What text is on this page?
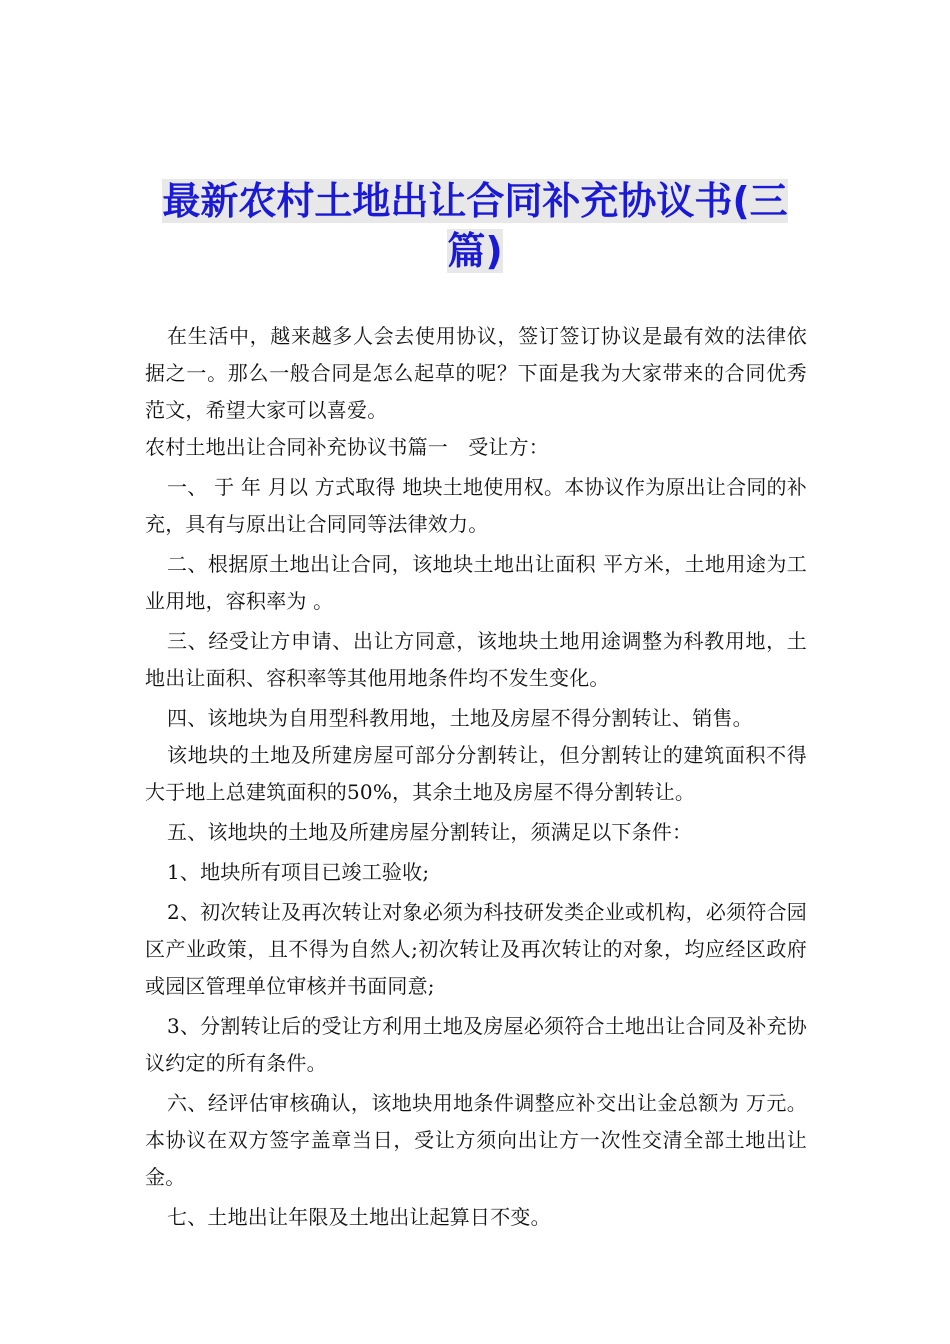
最新农村土地出让合同补充协议书(三
篇)

在生活中，越来越多人会去使用协议，签订签订协议是最有效的法律依据之一。那么一般合同是怎么起草的呢？下面是我为大家带来的合同优秀范文，希望大家可以喜爱。

农村土地出让合同补充协议书篇一　受让方：

一、 于 年 月以 方式取得 地块土地使用权。本协议作为原出让合同的补充，具有与原出让合同同等法律效力。

二、根据原土地出让合同，该地块土地出让面积 平方米，土地用途为工业用地，容积率为 。

三、经受让方申请、出让方同意，该地块土地用途调整为科教用地，土地出让面积、容积率等其他用地条件均不发生变化。

四、该地块为自用型科教用地，土地及房屋不得分割转让、销售。

该地块的土地及所建房屋可部分分割转让，但分割转让的建筑面积不得大于地上总建筑面积的50%，其余土地及房屋不得分割转让。

五、该地块的土地及所建房屋分割转让，须满足以下条件：

1、地块所有项目已竣工验收;

2、初次转让及再次转让对象必须为科技研发类企业或机构，必须符合园区产业政策，且不得为自然人;初次转让及再次转让的对象，均应经区政府或园区管理单位审核并书面同意;

3、分割转让后的受让方利用土地及房屋必须符合土地出让合同及补充协议约定的所有条件。

六、经评估审核确认，该地块用地条件调整应补交出让金总额为 万元。本协议在双方签字盖章当日，受让方须向出让方一次性交清全部土地出让金。

七、土地出让年限及土地出让起算日不变。
